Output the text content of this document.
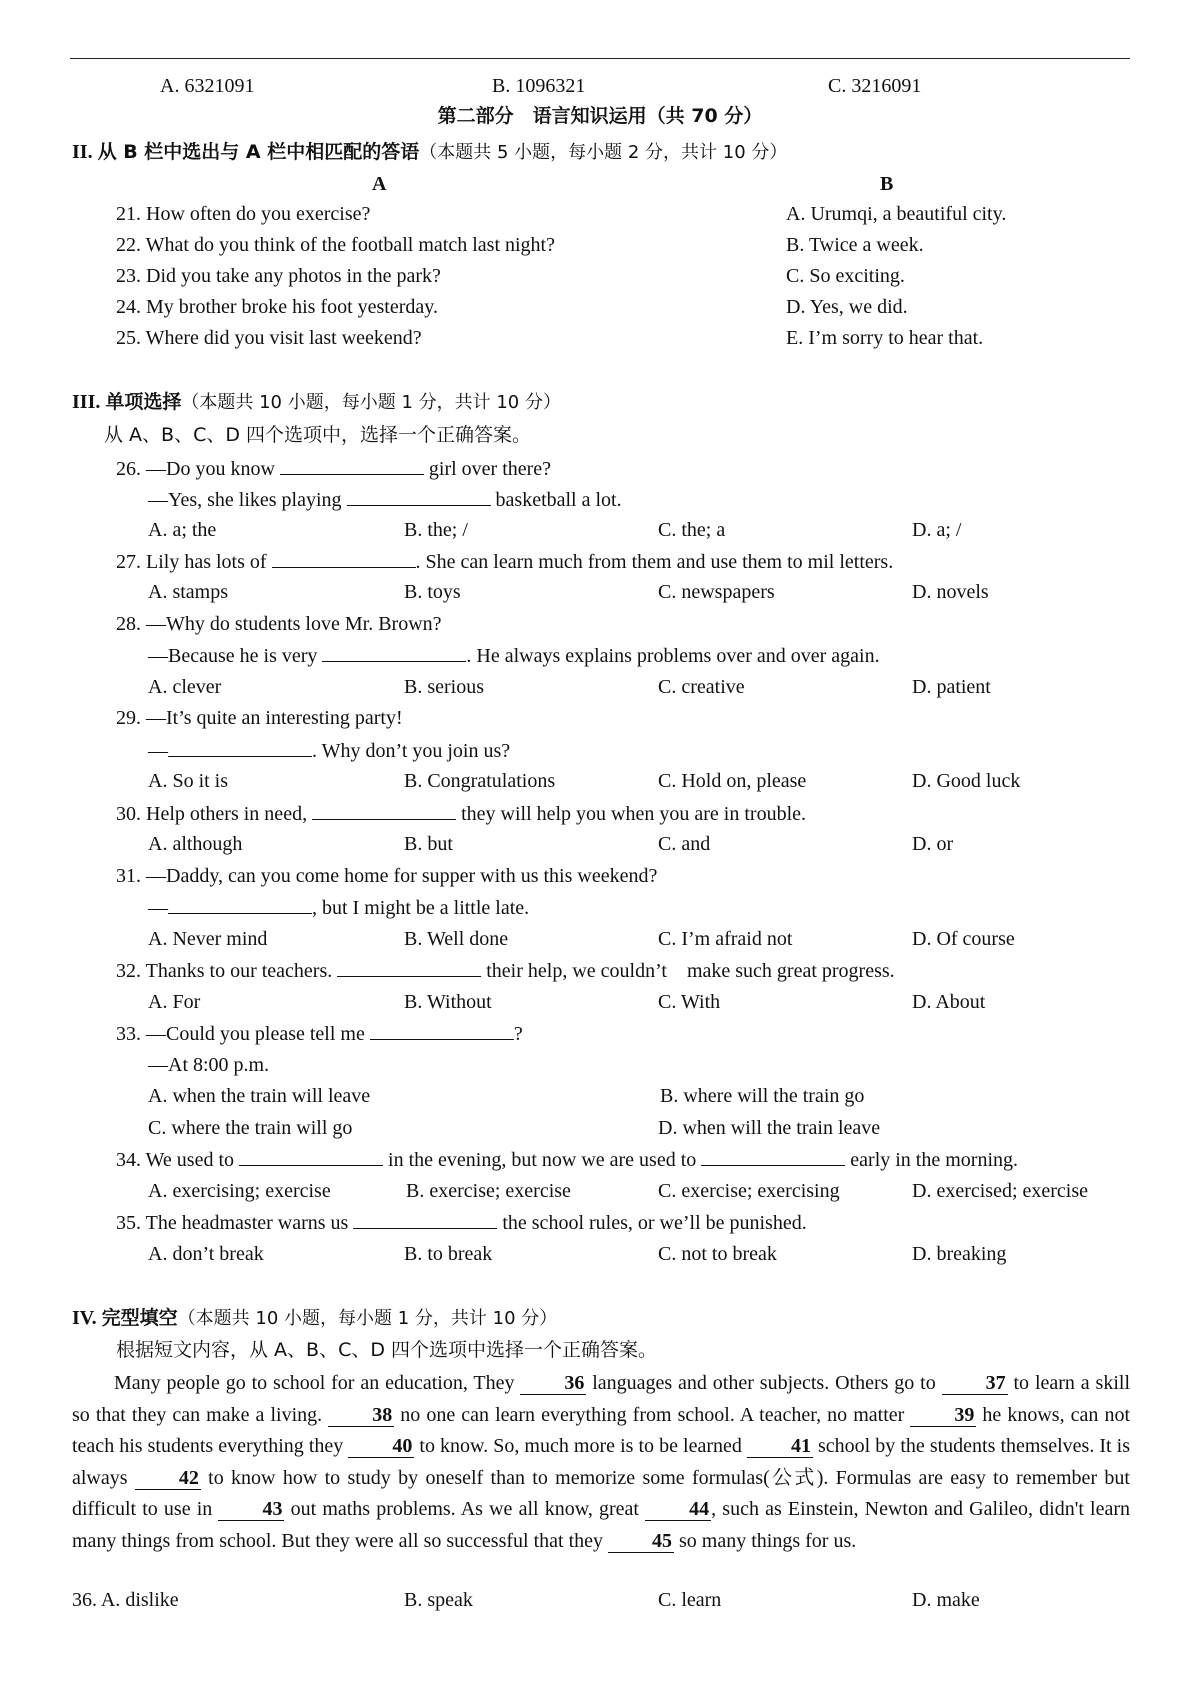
A. 6321091	B. 1096321	C. 3216091
第二部分　语言知识运用（共 70 分）
II. 从 B 栏中选出与 A 栏中相匹配的答语（本题共 5 小题，每小题 2 分，共计 10 分）
A	B
21. How often do you exercise?	A. Urumqi, a beautiful city.
22. What do you think of the football match last night?	B. Twice a week.
23. Did you take any photos in the park?	C. So exciting.
24. My brother broke his foot yesterday.	D. Yes, we did.
25. Where did you visit last weekend?	E. I’m sorry to hear that.
III. 单项选择（本题共 10 小题，每小题 1 分，共计 10 分）
从 A、B、C、D 四个选项中，选择一个正确答案。
26. —Do you know	girl over there?
—Yes, she likes playing	basketball a lot.
A. a; the	B. the; /	C. the; a	D. a; /
27. Lily has lots of	. She can learn much from them and use them to mil letters.
A. stamps	B. toys	C. newspapers	D. novels
28. —Why do students love Mr. Brown?
—Because he is very	. He always explains problems over and over again.
A. clever	B. serious	C. creative	D. patient
29. —It’s quite an interesting party!
—	. Why don’t you join us?
A. So it is	B. Congratulations	C. Hold on, please	D. Good luck
30. Help others in need,	they will help you when you are in trouble.
A. although	B. but	C. and	D. or
31. —Daddy, can you come home for supper with us this weekend?
—	, but I might be a little late.
A. Never mind	B. Well done	C. I’m afraid not	D. Of course
32. Thanks to our teachers.	their help, we couldn’t　make such great progress.
A. For	B. Without	C. With	D. About
33. —Could you please tell me	?
—At 8:00 p.m.
A. when the train will leave	B. where will the train go
C. where the train will go	D. when will the train leave
34. We used to	in the evening, but now we are used to	early in the morning.
A. exercising; exercise	B. exercise; exercise	C. exercise; exercising	D. exercised; exercise
35. The headmaster warns us	the school rules, or we’ll be punished.
A. don’t break	B. to break	C. not to break	D. breaking
IV. 完型填空（本题共 10 小题，每小题 1 分，共计 10 分）
根据短文内容，从 A、B、C、D 四个选项中选择一个正确答案。

Many people go to school for an education, They 36 languages and other subjects. Others go to 37 to learn a skill so that they can make a living. 38 no one can learn everything from school. A teacher, no matter 39 he knows, can not teach his students everything they 40 to know. So, much more is to be learned 41 school by the students themselves. It is always 42 to know how to study by oneself than to memorize some formulas(公式). Formulas are easy to remember but difficult to use in 43 out maths problems. As we all know, great 44 , such as Einstein, Newton and Galileo, didn't learn many things from school. But they were all so successful that they 45 so many things for us.

36. A. dislike	B. speak	C. learn	D. make
